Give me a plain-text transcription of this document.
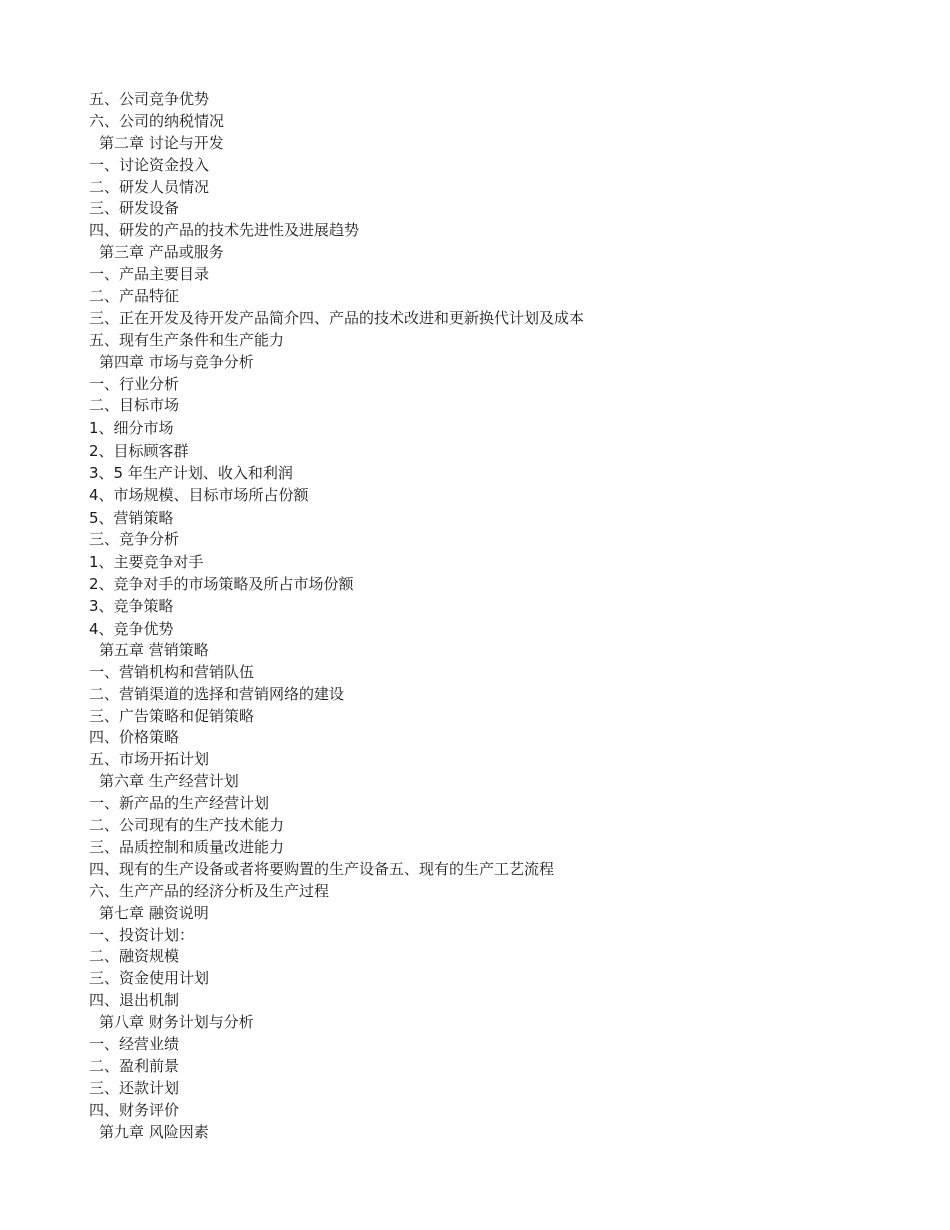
五、公司竞争优势
六、公司的纳税情况
第二章 讨论与开发
一、讨论资金投入
二、研发人员情况
三、研发设备
四、研发的产品的技术先进性及进展趋势
第三章 产品或服务
一、产品主要目录
二、产品特征
三、正在开发及待开发产品简介四、产品的技术改进和更新换代计划及成本
五、现有生产条件和生产能力
第四章 市场与竞争分析
一、行业分析
二、目标市场
1、细分市场
2、目标顾客群
3、5 年生产计划、收入和利润
4、市场规模、目标市场所占份额
5、营销策略
三、竞争分析
1、主要竞争对手
2、竞争对手的市场策略及所占市场份额
3、竞争策略
4、竞争优势
第五章 营销策略
一、营销机构和营销队伍
二、营销渠道的选择和营销网络的建设
三、广告策略和促销策略
四、价格策略
五、市场开拓计划
第六章 生产经营计划
一、新产品的生产经营计划
二、公司现有的生产技术能力
三、品质控制和质量改进能力
四、现有的生产设备或者将要购置的生产设备五、现有的生产工艺流程
六、生产产品的经济分析及生产过程
第七章 融资说明
一、投资计划：
二、融资规模
三、资金使用计划
四、退出机制
第八章 财务计划与分析
一、经营业绩
二、盈利前景
三、还款计划
四、财务评价
第九章 风险因素
